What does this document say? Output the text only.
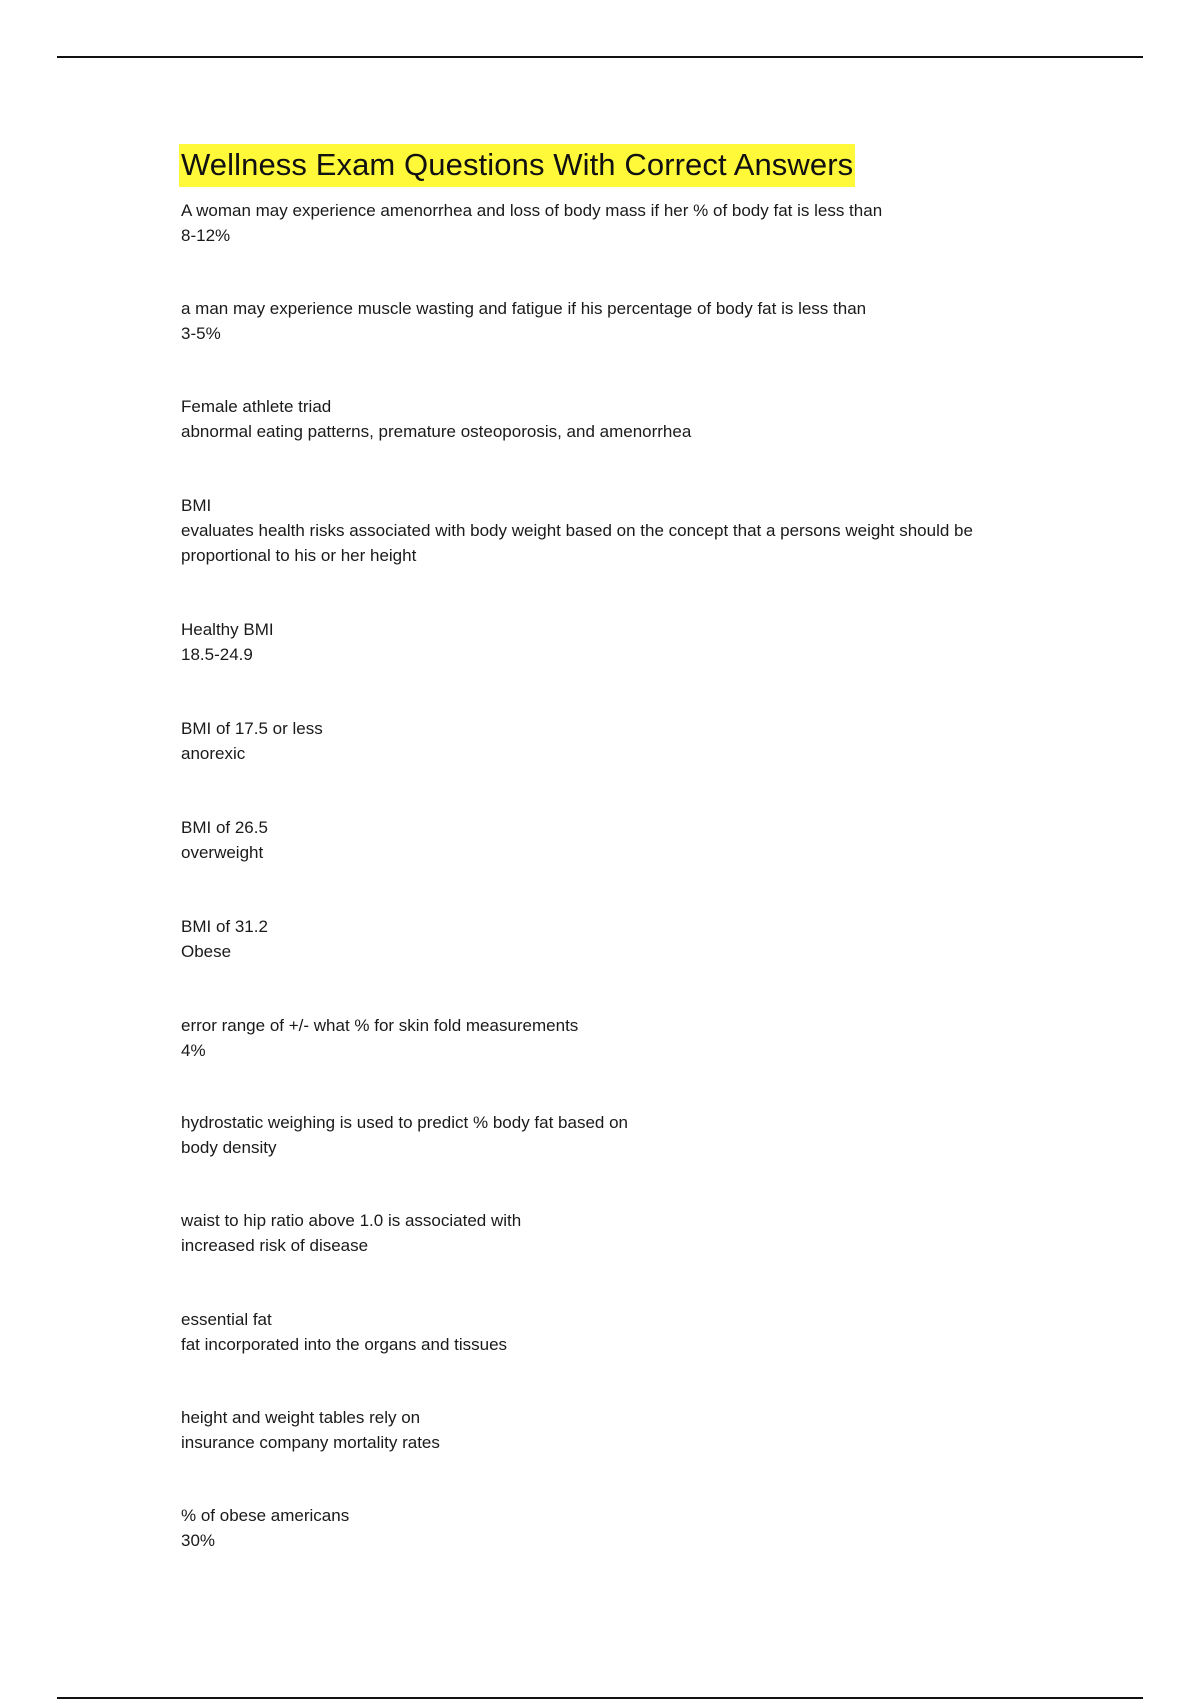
Wellness Exam Questions With Correct Answers
A woman may experience amenorrhea and loss of body mass if her % of body fat is less than
8-12%
a man may experience muscle wasting and fatigue if his percentage of body fat is less than
3-5%
Female athlete triad
abnormal eating patterns, premature osteoporosis, and amenorrhea
BMI
evaluates health risks associated with body weight based on the concept that a persons weight should be proportional to his or her height
Healthy BMI
18.5-24.9
BMI of 17.5 or less
anorexic
BMI of 26.5
overweight
BMI of 31.2
Obese
error range of +/- what % for skin fold measurements
4%
hydrostatic weighing is used to predict % body fat based on
body density
waist to hip ratio above 1.0 is associated with
increased risk of disease
essential fat
fat incorporated into the organs and tissues
height and weight tables rely on
insurance company mortality rates
% of obese americans
30%
